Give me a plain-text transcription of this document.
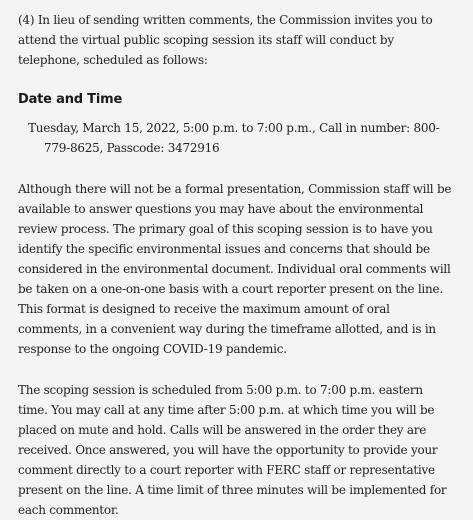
(4) In lieu of sending written comments, the Commission invites you to attend the virtual public scoping session its staff will conduct by telephone, scheduled as follows:

Date and Time

Tuesday, March 15, 2022, 5:00 p.m. to 7:00 p.m., Call in number: 800-779-8625, Passcode: 3472916

Although there will not be a formal presentation, Commission staff will be available to answer questions you may have about the environmental review process. The primary goal of this scoping session is to have you identify the specific environmental issues and concerns that should be considered in the environmental document. Individual oral comments will be taken on a one-on-one basis with a court reporter present on the line. This format is designed to receive the maximum amount of oral comments, in a convenient way during the timeframe allotted, and is in response to the ongoing COVID-19 pandemic.

The scoping session is scheduled from 5:00 p.m. to 7:00 p.m. eastern time. You may call at any time after 5:00 p.m. at which time you will be placed on mute and hold. Calls will be answered in the order they are received. Once answered, you will have the opportunity to provide your comment directly to a court reporter with FERC staff or representative present on the line. A time limit of three minutes will be implemented for each commentor.
